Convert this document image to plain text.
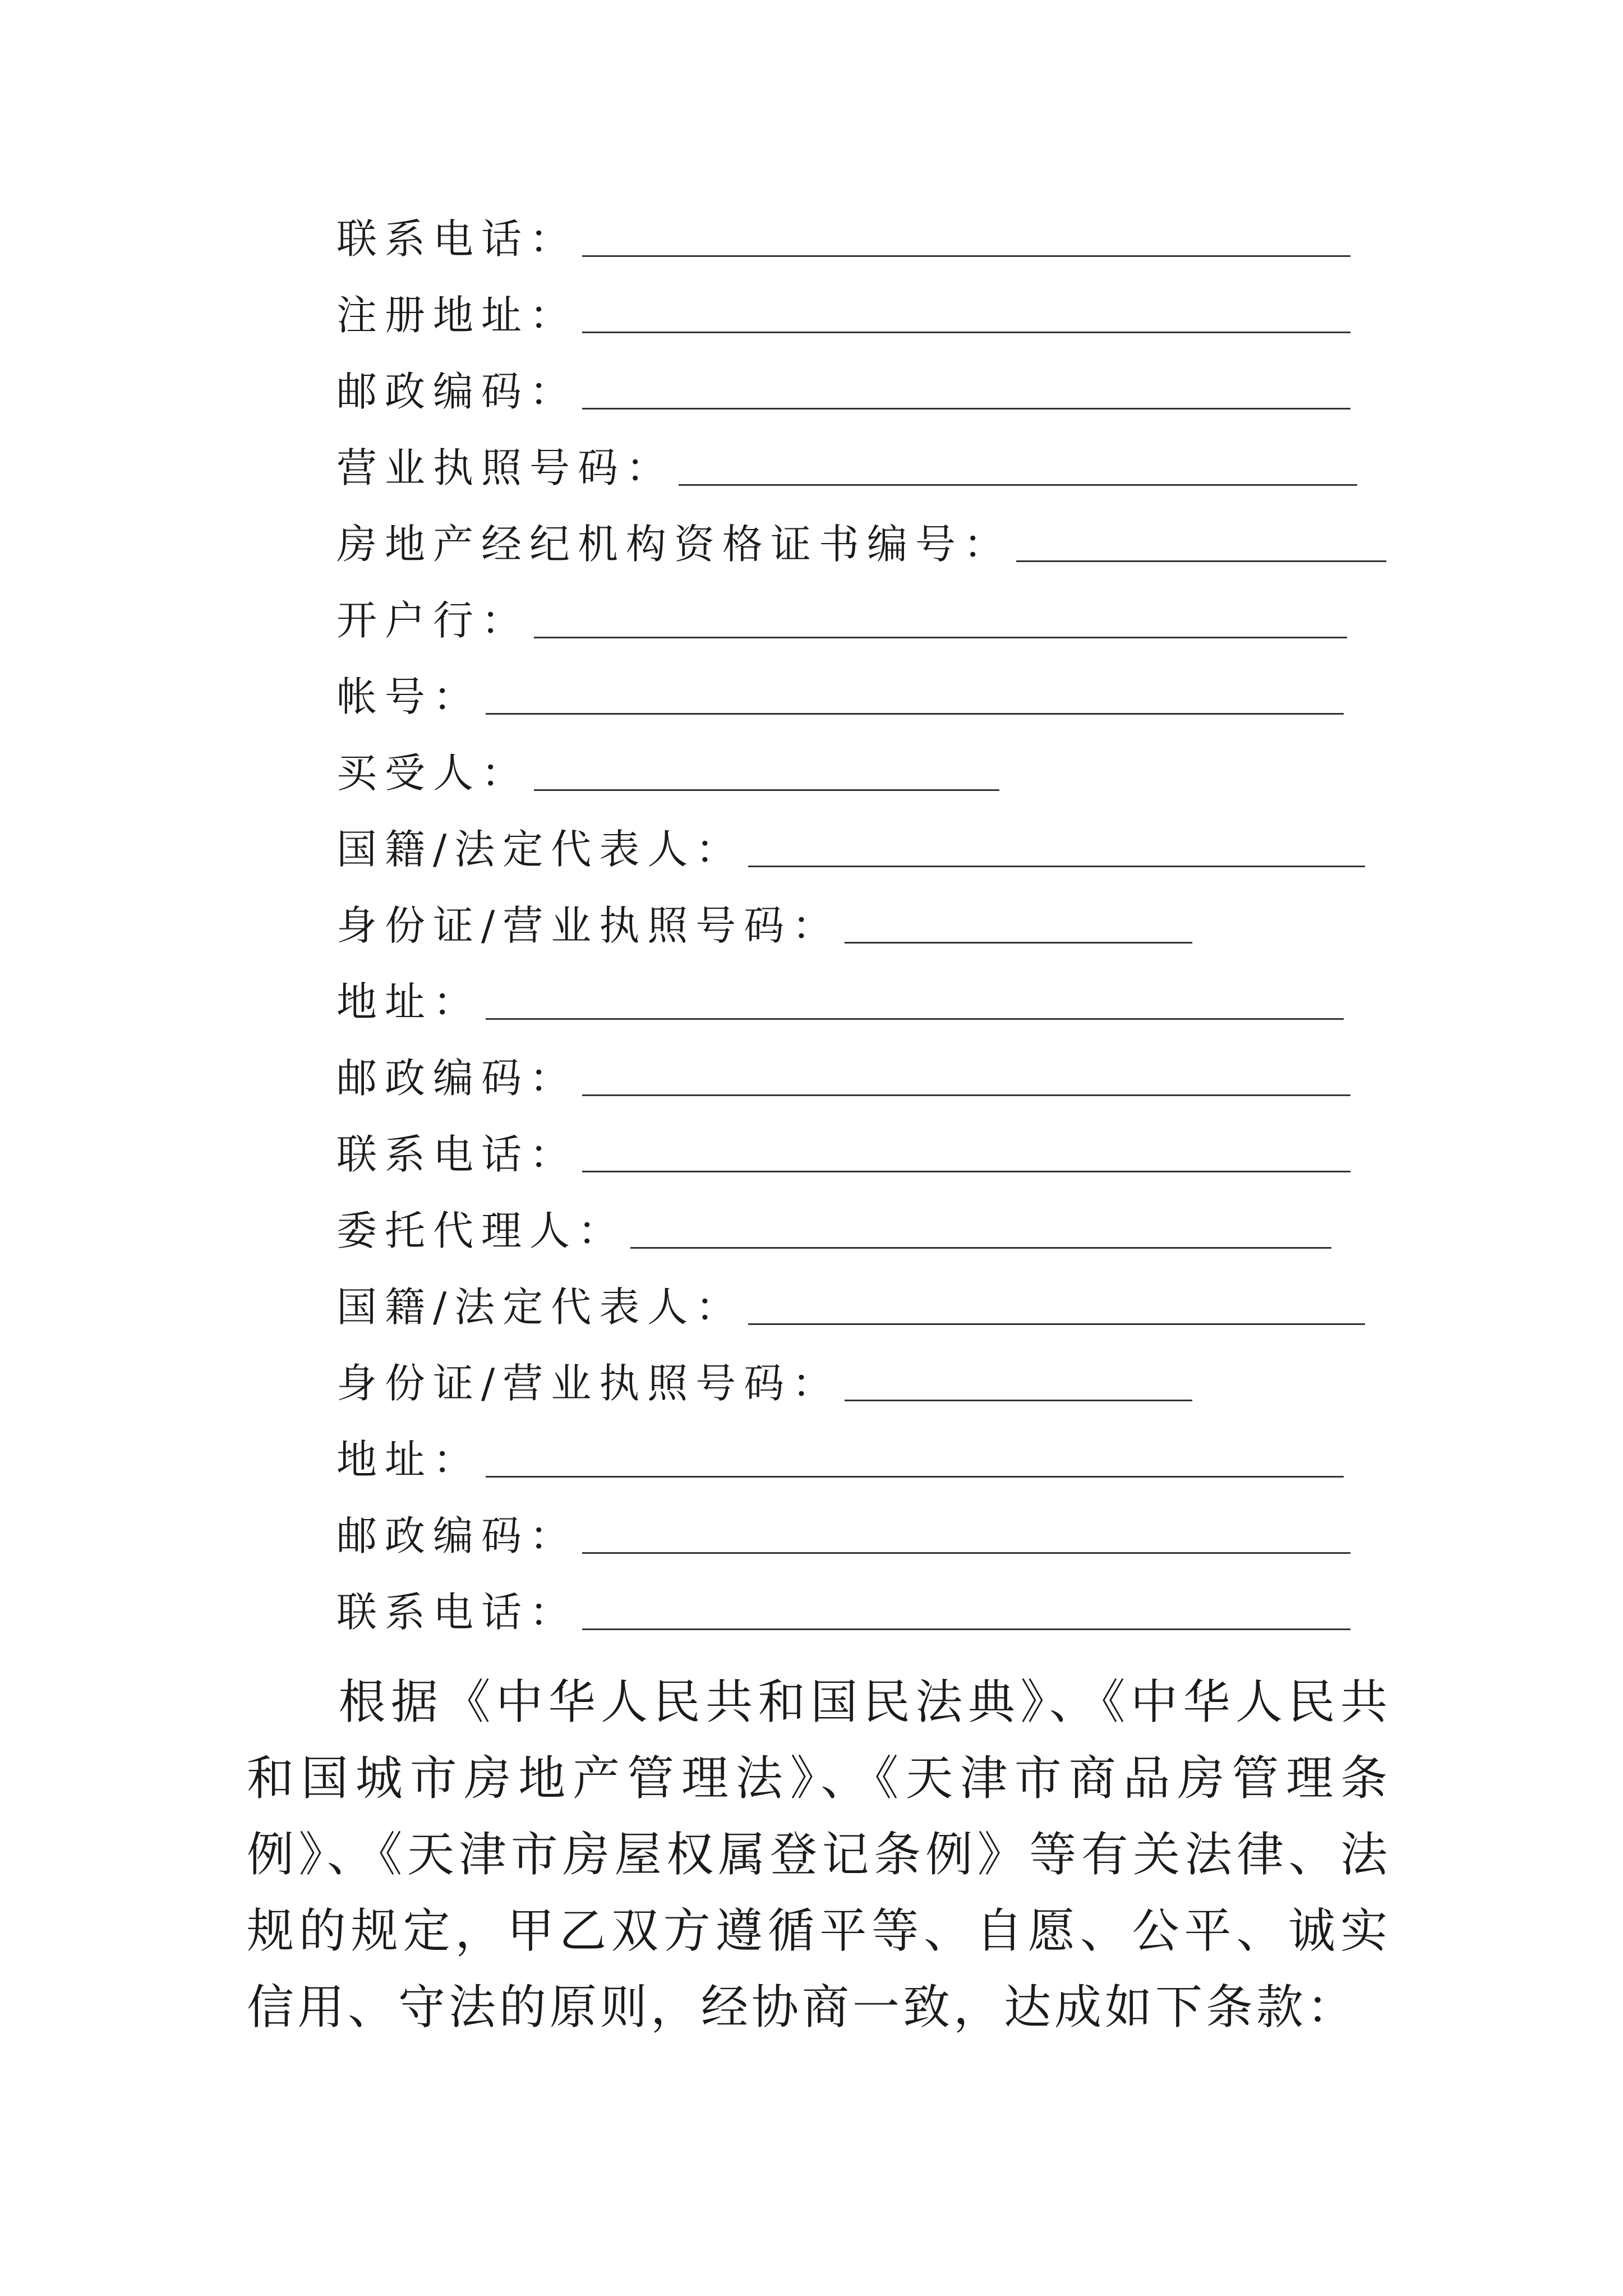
联系电话：
注册地址：
邮政编码：
营业执照号码：
房地产经纪机构资格证书编号：
开户行：
帐号：
买受人：
国籍/法定代表人：
身份证/营业执照号码：
地址：
邮政编码：
联系电话：
委托代理人：
国籍/法定代表人：
身份证/营业执照号码：
地址：
邮政编码：
联系电话：
根据《中华人民共和国民法典》、《中华人民共和国城市房地产管理法》、《天津市商品房管理条例》、《天津市房屋权属登记条例》等有关法律、法规的规定，甲乙双方遵循平等、自愿、公平、诚实信用、守法的原则，经协商一致，达成如下条款：
